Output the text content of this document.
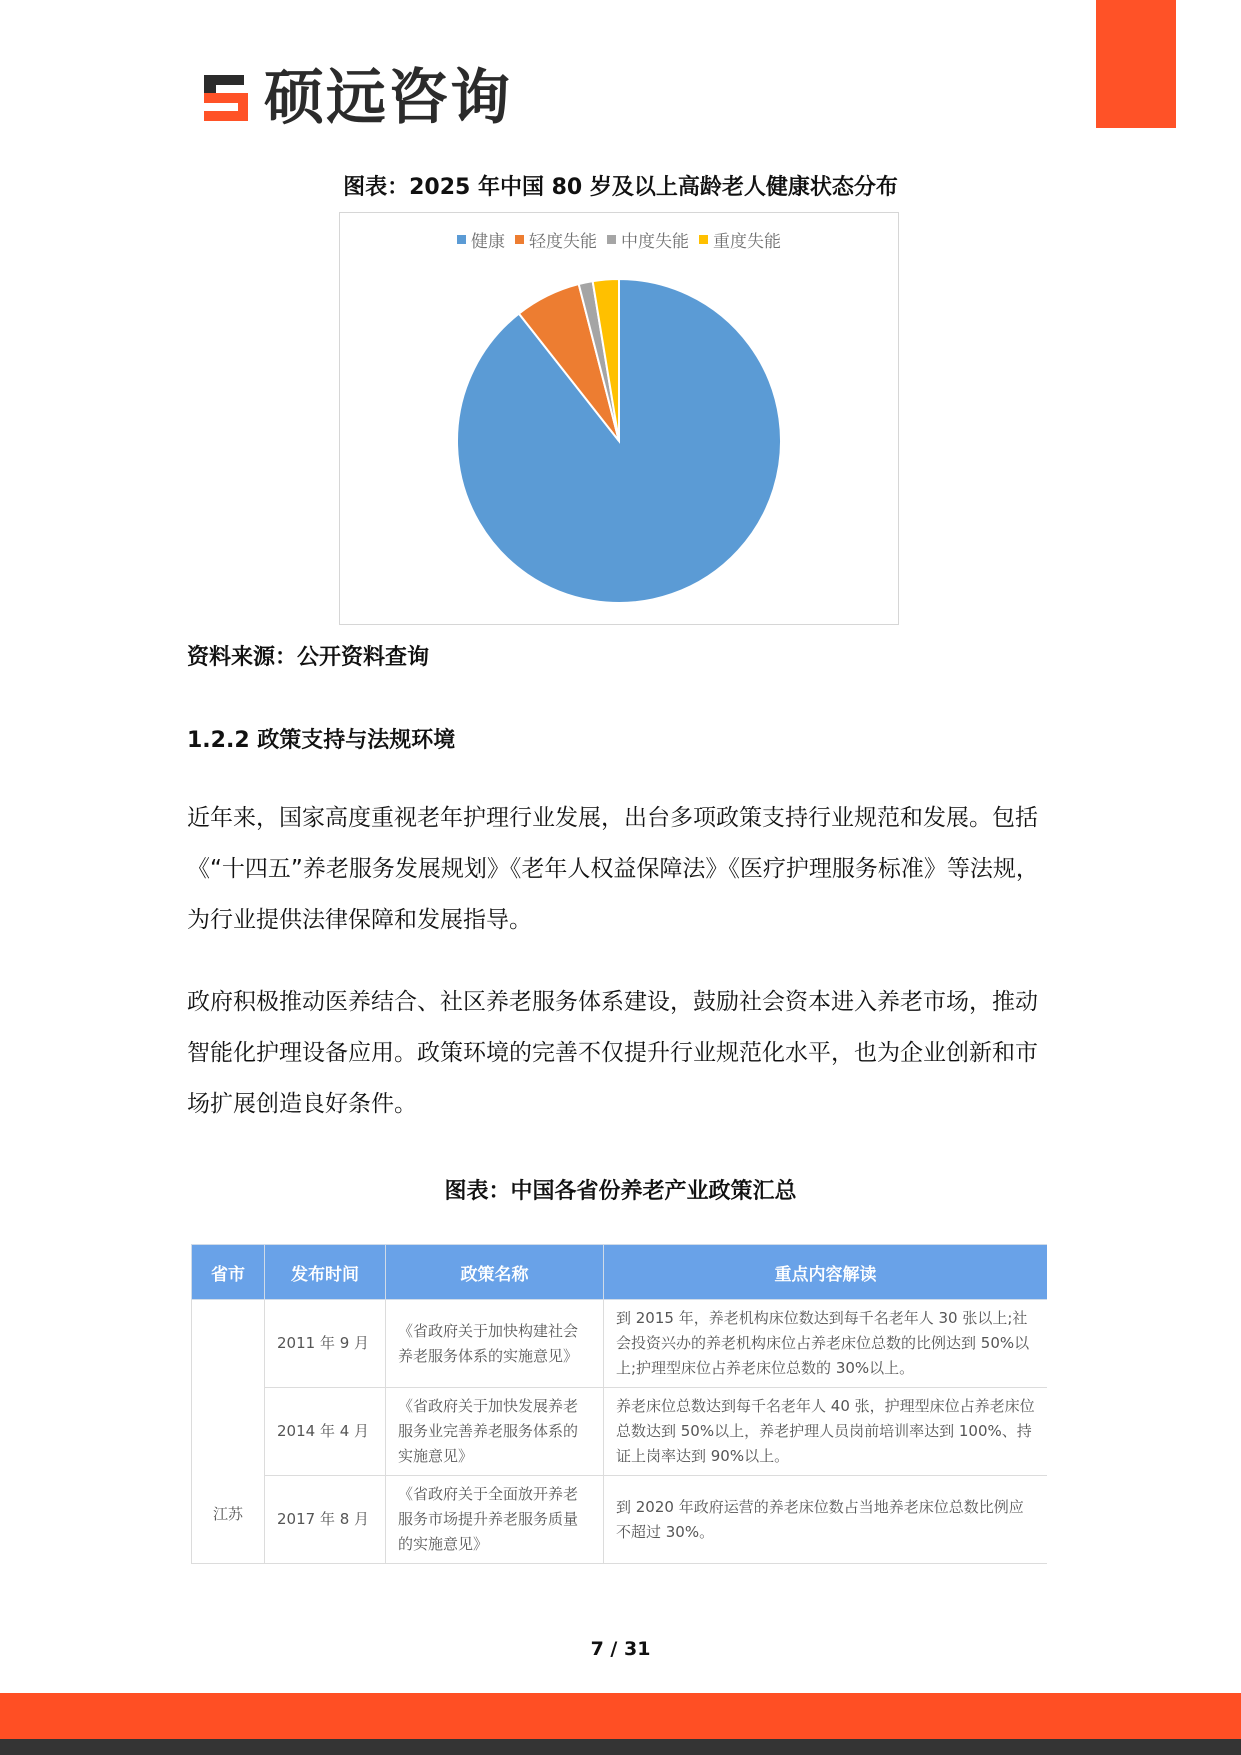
硕远咨询
图表：2025 年中国 80 岁及以上高龄老人健康状态分布
健康 轻度失能 中度失能 重度失能
资料来源：公开资料查询
1.2.2 政策支持与法规环境
近年来，国家高度重视老年护理行业发展，出台多项政策支持行业规范和发展。包括《“十四五”养老服务发展规划》《老年人权益保障法》《医疗护理服务标准》等法规，为行业提供法律保障和发展指导。
政府积极推动医养结合、社区养老服务体系建设，鼓励社会资本进入养老市场，推动智能化护理设备应用。政策环境的完善不仅提升行业规范化水平，也为企业创新和市场扩展创造良好条件。
图表：中国各省份养老产业政策汇总
省市	发布时间	政策名称	重点内容解读
江苏	2011 年 9 月	《省政府关于加快构建社会养老服务体系的实施意见》	到 2015 年，养老机构床位数达到每千名老年人 30 张以上;社会投资兴办的养老机构床位占养老床位总数的比例达到 50%以上;护理型床位占养老床位总数的 30%以上。
	2014 年 4 月	《省政府关于加快发展养老服务业完善养老服务体系的实施意见》	养老床位总数达到每千名老年人 40 张，护理型床位占养老床位总数达到 50%以上，养老护理人员岗前培训率达到 100%、持证上岗率达到 90%以上。
	2017 年 8 月	《省政府关于全面放开养老服务市场提升养老服务质量的实施意见》	到 2020 年政府运营的养老床位数占当地养老床位总数比例应不超过 30%。
7 / 31
